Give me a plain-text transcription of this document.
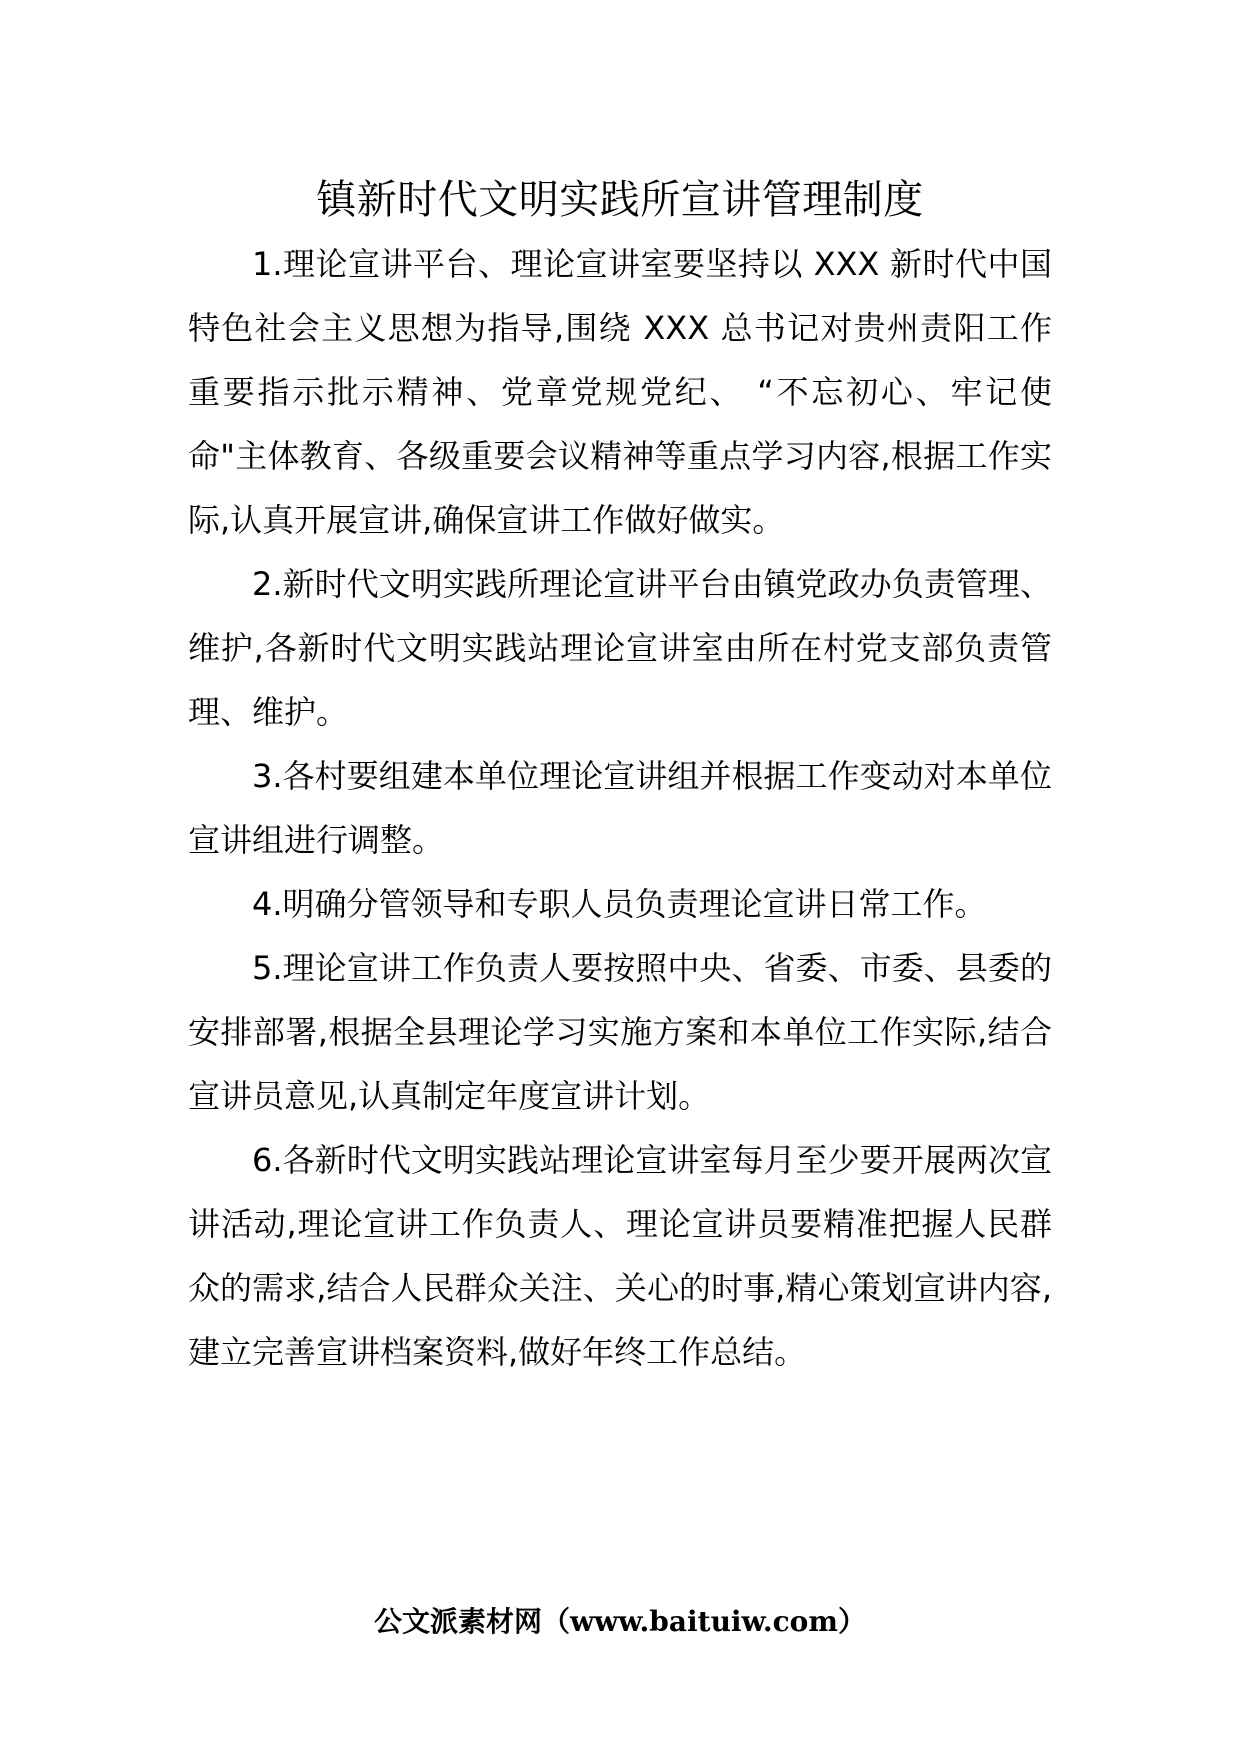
镇新时代文明实践所宣讲管理制度

1.理论宣讲平台、理论宣讲室要坚持以 XXX 新时代中国特色社会主义思想为指导,围绕 XXX 总书记对贵州责阳工作重要指示批示精神、党章党规党纪、 “不忘初心、牢记使命"主体教育、各级重要会议精神等重点学习内容,根据工作实际,认真开展宣讲,确保宣讲工作做好做实。

2.新时代文明实践所理论宣讲平台由镇党政办负责管理、维护,各新时代文明实践站理论宣讲室由所在村党支部负责管理、维护。

3.各村要组建本单位理论宣讲组并根据工作变动对本单位宣讲组进行调整。

4.明确分管领导和专职人员负责理论宣讲日常工作。

5.理论宣讲工作负责人要按照中央、省委、市委、县委的安排部署,根据全县理论学习实施方案和本单位工作实际,结合宣讲员意见,认真制定年度宣讲计划。

6.各新时代文明实践站理论宣讲室每月至少要开展两次宣讲活动,理论宣讲工作负责人、理论宣讲员要精准把握人民群众的需求,结合人民群众关注、关心的时事,精心策划宣讲内容,建立完善宣讲档案资料,做好年终工作总结。

公文派素材网（www.baituiw.com）
